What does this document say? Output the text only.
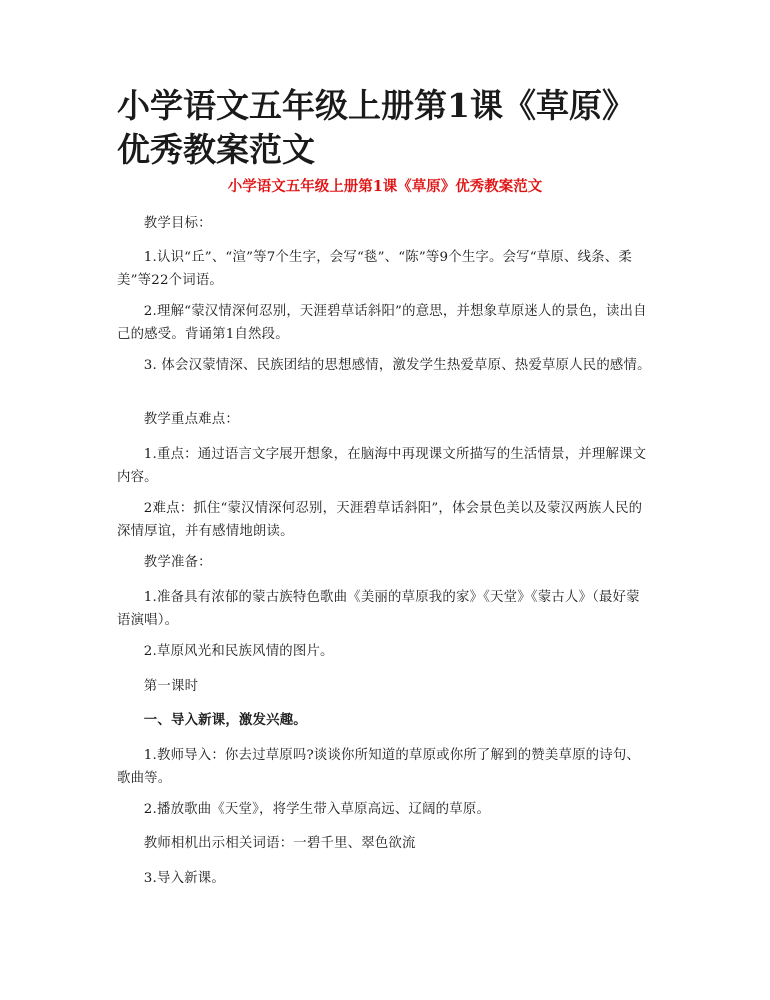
小学语文五年级上册第1课《草原》优秀教案范文
小学语文五年级上册第1课《草原》优秀教案范文

教学目标：

1.认识“丘”、“渲”等7个生字，会写“毯”、“陈”等9个生字。会写“草原、线条、柔美”等22个词语。

2.理解“蒙汉情深何忍别，天涯碧草话斜阳”的意思，并想象草原迷人的景色，读出自己的感受。背诵第1自然段。

3. 体会汉蒙情深、民族团结的思想感情，激发学生热爱草原、热爱草原人民的感情。

教学重点难点：

1.重点：通过语言文字展开想象，在脑海中再现课文所描写的生活情景，并理解课文内容。

2难点：抓住“蒙汉情深何忍别，天涯碧草话斜阳”，体会景色美以及蒙汉两族人民的深情厚谊，并有感情地朗读。

教学准备：

1.准备具有浓郁的蒙古族特色歌曲《美丽的草原我的家》《天堂》《蒙古人》（最好蒙语演唱）。

2.草原风光和民族风情的图片。

第一课时

一、导入新课，激发兴趣。

1.教师导入：你去过草原吗?谈谈你所知道的草原或你所了解到的赞美草原的诗句、歌曲等。

2.播放歌曲《天堂》，将学生带入草原高远、辽阔的草原。

教师相机出示相关词语：一碧千里、翠色欲流

3.导入新课。
